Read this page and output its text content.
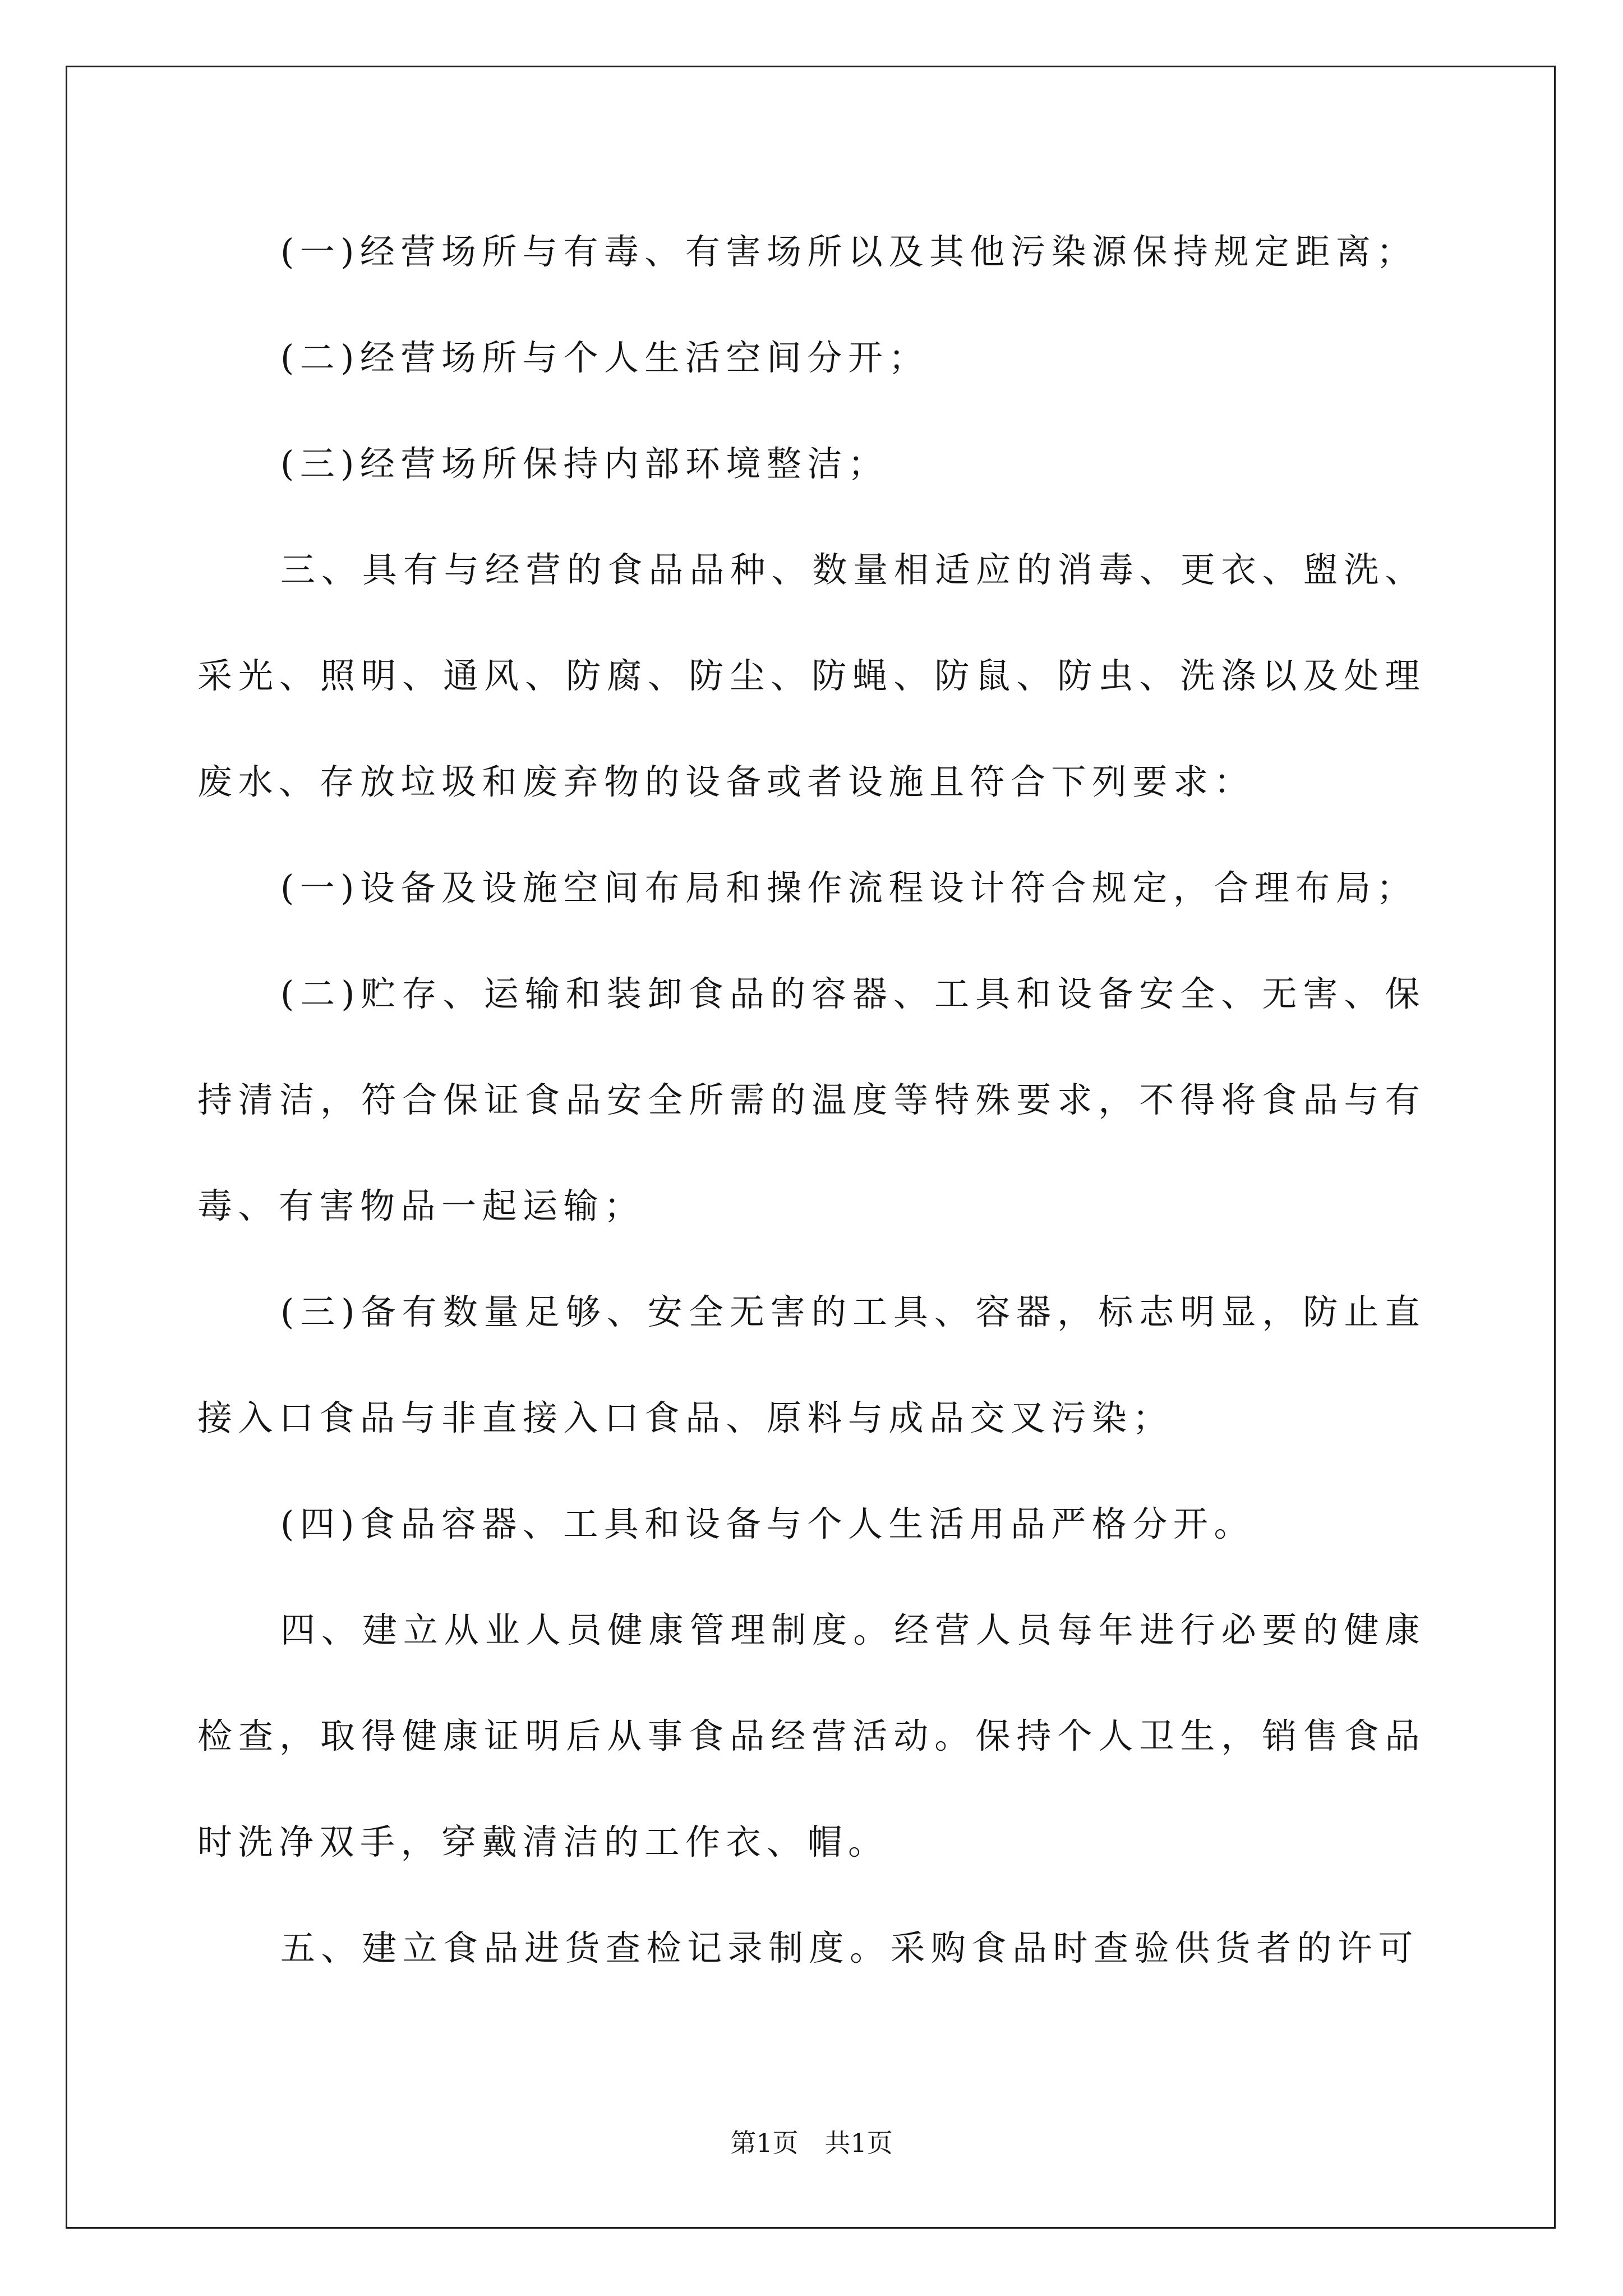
(一)经营场所与有毒、有害场所以及其他污染源保持规定距离；
(二)经营场所与个人生活空间分开；
(三)经营场所保持内部环境整洁；
三、具有与经营的食品品种、数量相适应的消毒、更衣、盥洗、
采光、照明、通风、防腐、防尘、防蝇、防鼠、防虫、洗涤以及处理
废水、存放垃圾和废弃物的设备或者设施且符合下列要求：
(一)设备及设施空间布局和操作流程设计符合规定，合理布局；
(二)贮存、运输和装卸食品的容器、工具和设备安全、无害、保
持清洁，符合保证食品安全所需的温度等特殊要求，不得将食品与有
毒、有害物品一起运输；
(三)备有数量足够、安全无害的工具、容器，标志明显，防止直
接入口食品与非直接入口食品、原料与成品交叉污染；
(四)食品容器、工具和设备与个人生活用品严格分开。
四、建立从业人员健康管理制度。经营人员每年进行必要的健康
检查，取得健康证明后从事食品经营活动。保持个人卫生，销售食品
时洗净双手，穿戴清洁的工作衣、帽。
五、建立食品进货查检记录制度。采购食品时查验供货者的许可
第1页 共1页
